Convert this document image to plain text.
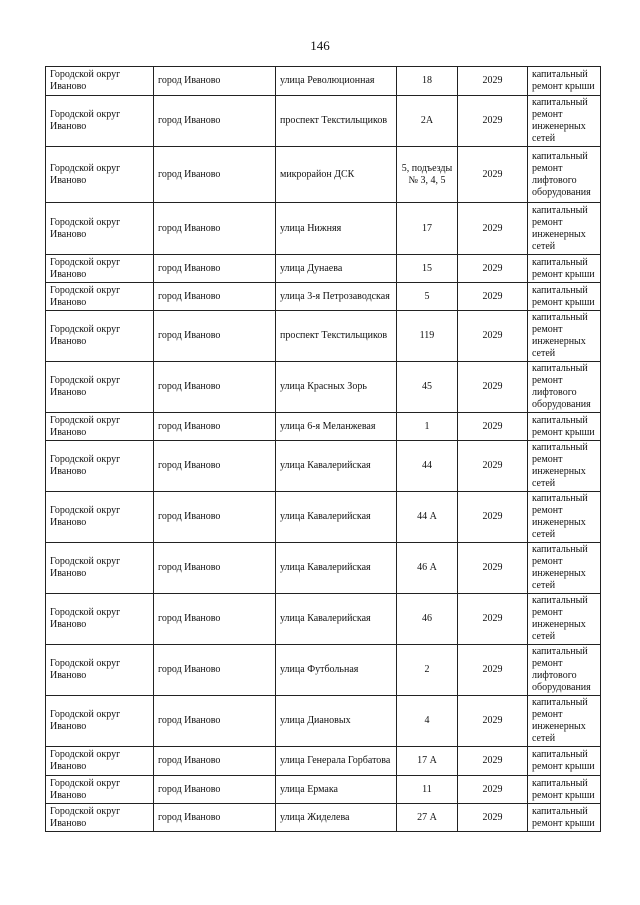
146
Городской округ Иваново	город Иваново	улица Революционная	18	2029	капитальный ремонт крыши
Городской округ Иваново	город Иваново	проспект Текстильщиков	2А	2029	капитальный ремонт инженерных сетей
Городской округ Иваново	город Иваново	микрорайон ДСК	5, подъезды № 3, 4, 5	2029	капитальный ремонт лифтового оборудования
Городской округ Иваново	город Иваново	улица Нижняя	17	2029	капитальный ремонт инженерных сетей
Городской округ Иваново	город Иваново	улица Дунаева	15	2029	капитальный ремонт крыши
Городской округ Иваново	город Иваново	улица 3-я Петрозаводская	5	2029	капитальный ремонт крыши
Городской округ Иваново	город Иваново	проспект Текстильщиков	119	2029	капитальный ремонт инженерных сетей
Городской округ Иваново	город Иваново	улица Красных Зорь	45	2029	капитальный ремонт лифтового оборудования
Городской округ Иваново	город Иваново	улица 6-я Меланжевая	1	2029	капитальный ремонт крыши
Городской округ Иваново	город Иваново	улица Кавалерийская	44	2029	капитальный ремонт инженерных сетей
Городской округ Иваново	город Иваново	улица Кавалерийская	44 А	2029	капитальный ремонт инженерных сетей
Городской округ Иваново	город Иваново	улица Кавалерийская	46 А	2029	капитальный ремонт инженерных сетей
Городской округ Иваново	город Иваново	улица Кавалерийская	46	2029	капитальный ремонт инженерных сетей
Городской округ Иваново	город Иваново	улица Футбольная	2	2029	капитальный ремонт лифтового оборудования
Городской округ Иваново	город Иваново	улица Диановых	4	2029	капитальный ремонт инженерных сетей
Городской округ Иваново	город Иваново	улица Генерала Горбатова	17 А	2029	капитальный ремонт крыши
Городской округ Иваново	город Иваново	улица Ермака	11	2029	капитальный ремонт крыши
Городской округ Иваново	город Иваново	улица Жиделева	27 А	2029	капитальный ремонт крыши
